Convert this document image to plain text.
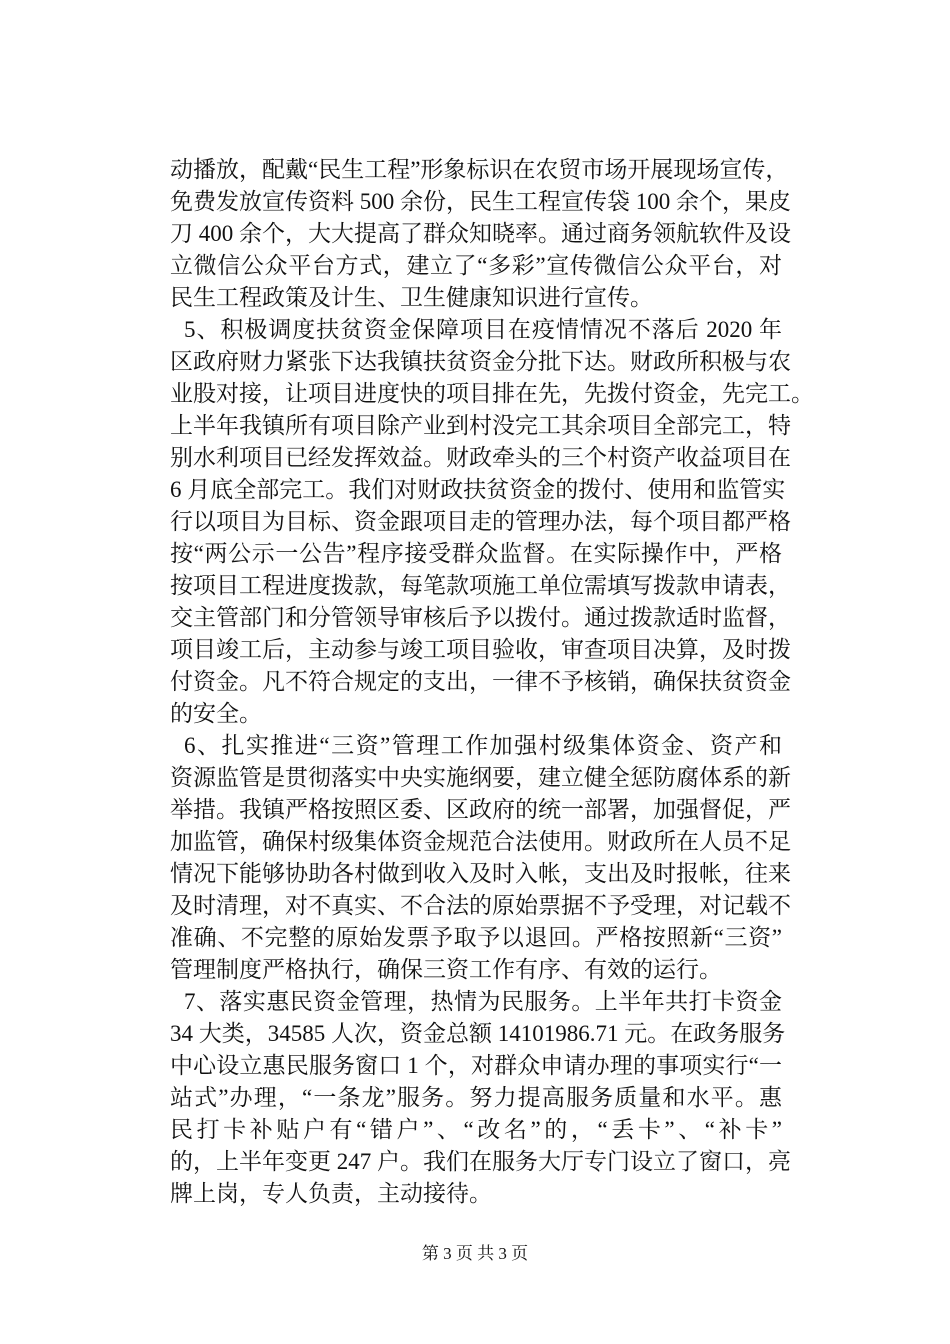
动播放，配戴“民生工程”形象标识在农贸市场开展现场宣传，
免费发放宣传资料 500 余份，民生工程宣传袋 100 余个，果皮
刀 400 余个，大大提高了群众知晓率。通过商务领航软件及设
立微信公众平台方式，建立了“多彩”宣传微信公众平台，对
民生工程政策及计生、卫生健康知识进行宣传。
5、积极调度扶贫资金保障项目在疫情情况不落后 2020 年
区政府财力紧张下达我镇扶贫资金分批下达。财政所积极与农
业股对接，让项目进度快的项目排在先，先拨付资金，先完工。
上半年我镇所有项目除产业到村没完工其余项目全部完工，特
别水利项目已经发挥效益。财政牵头的三个村资产收益项目在
6 月底全部完工。我们对财政扶贫资金的拨付、使用和监管实
行以项目为目标、资金跟项目走的管理办法，每个项目都严格
按“两公示一公告”程序接受群众监督。在实际操作中，严格
按项目工程进度拨款，每笔款项施工单位需填写拨款申请表，
交主管部门和分管领导审核后予以拨付。通过拨款适时监督，
项目竣工后，主动参与竣工项目验收，审查项目决算，及时拨
付资金。凡不符合规定的支出，一律不予核销，确保扶贫资金
的安全。
6、扎实推进“三资”管理工作加强村级集体资金、资产和
资源监管是贯彻落实中央实施纲要，建立健全惩防腐体系的新
举措。我镇严格按照区委、区政府的统一部署，加强督促，严
加监管，确保村级集体资金规范合法使用。财政所在人员不足
情况下能够协助各村做到收入及时入帐，支出及时报帐，往来
及时清理，对不真实、不合法的原始票据不予受理，对记载不
准确、不完整的原始发票予取予以退回。严格按照新“三资”
管理制度严格执行，确保三资工作有序、有效的运行。
7、落实惠民资金管理，热情为民服务。上半年共打卡资金
34 大类，34585 人次，资金总额 14101986.71 元。在政务服务
中心设立惠民服务窗口 1 个，对群众申请办理的事项实行“一
站式”办理，“一条龙”服务。努力提高服务质量和水平。惠
民打卡补贴户有“错户”、“改名”的，“丢卡”、“补卡”
的，上半年变更 247 户。我们在服务大厅专门设立了窗口，亮
牌上岗，专人负责，主动接待。
第 3 页 共 3 页
